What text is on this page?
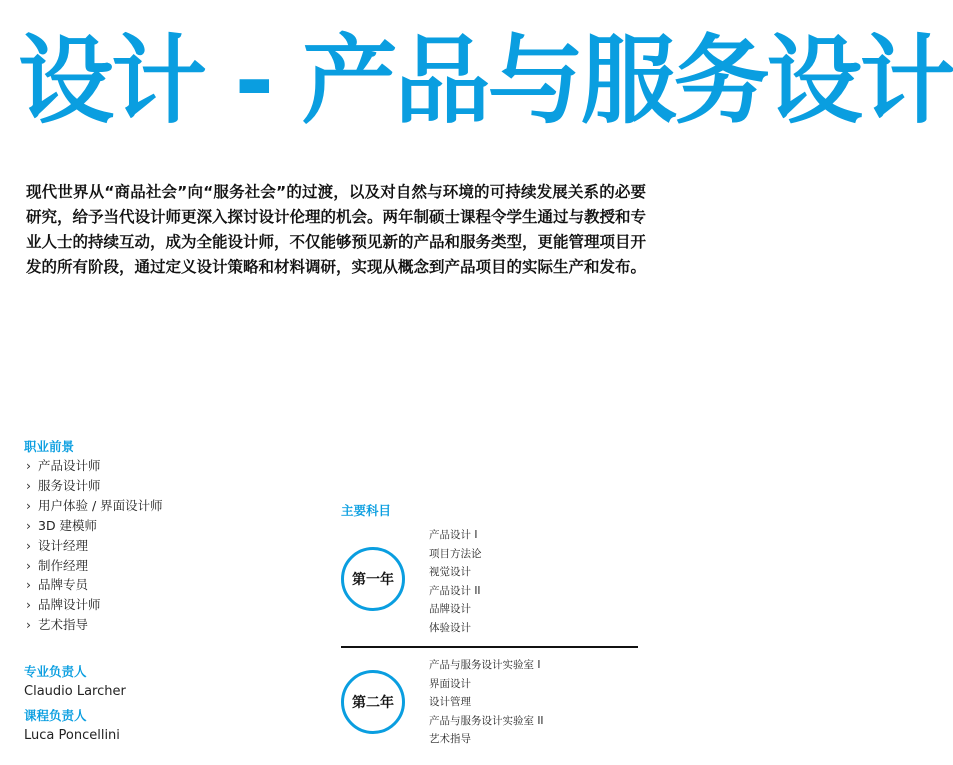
设计 - 产品与服务设计
现代世界从“商品社会”向“服务社会”的过渡，以及对自然与环境的可持续发展关系的必要研究，给予当代设计师更深入探讨设计伦理的机会。两年制硕士课程令学生通过与教授和专业人士的持续互动，成为全能设计师，不仅能够预见新的产品和服务类型，更能管理项目开发的所有阶段，通过定义设计策略和材料调研，实现从概念到产品项目的实际生产和发布。
职业前景
› 产品设计师
› 服务设计师
› 用户体验 / 界面设计师
› 3D 建模师
› 设计经理
› 制作经理
› 品牌专员
› 品牌设计师
› 艺术指导
专业负责人
Claudio Larcher
课程负责人
Luca Poncellini
主要科目
第一年
产品设计 I
项目方法论
视觉设计
产品设计 II
品牌设计
体验设计
第二年
产品与服务设计实验室 I
界面设计
设计管理
产品与服务设计实验室 II
艺术指导
